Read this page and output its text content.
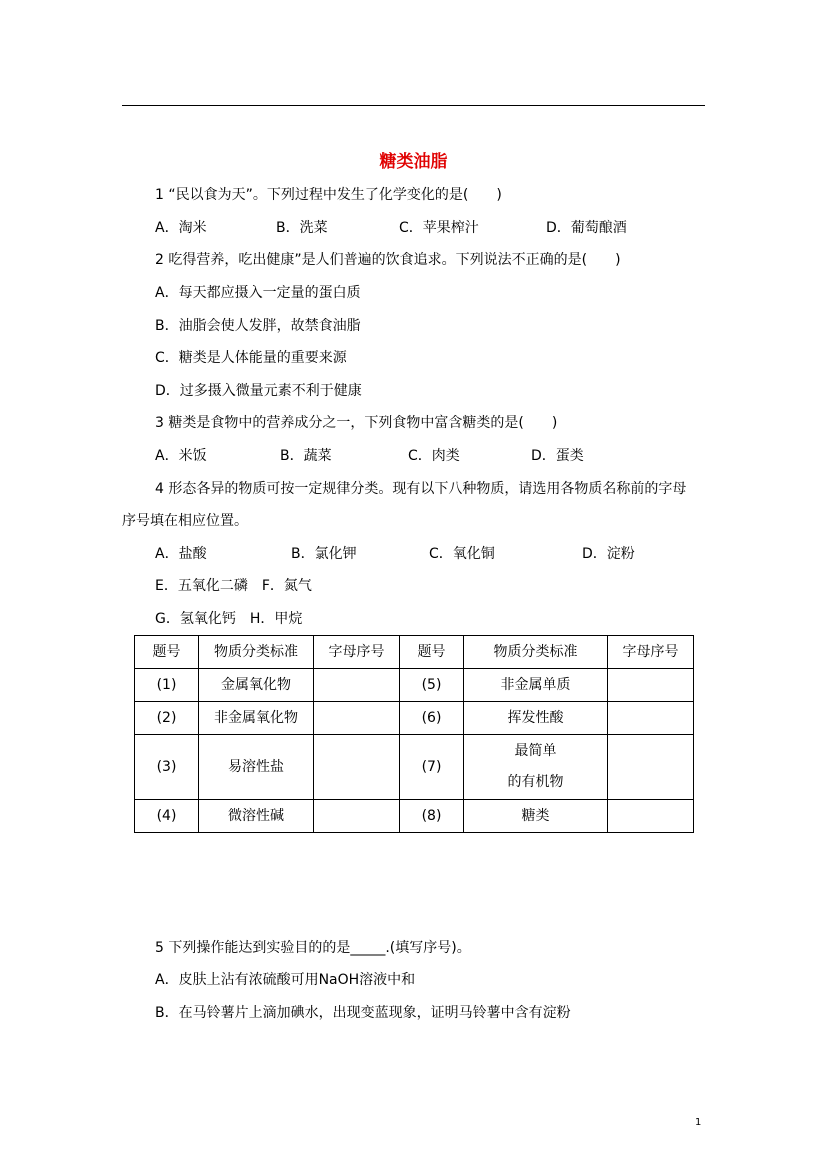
糖类油脂
1 “民以食为天”。下列过程中发生了化学变化的是(　　)
A．淘米	B．洗菜	C．苹果榨汁	D．葡萄酿酒
2 吃得营养，吃出健康”是人们普遍的饮食追求。下列说法不正确的是(　　)
A．每天都应摄入一定量的蛋白质
B．油脂会使人发胖，故禁食油脂
C．糖类是人体能量的重要来源
D．过多摄入微量元素不利于健康
3 糖类是食物中的营养成分之一，下列食物中富含糖类的是(　　)
A．米饭	B．蔬菜	C．肉类	D．蛋类
4 形态各异的物质可按一定规律分类。现有以下八种物质，请选用各物质名称前的字母
序号填在相应位置。
A．盐酸	B．氯化钾	C．氧化铜	D．淀粉
E．五氧化二磷　F．氮气
G．氢氧化钙　H．甲烷
题号	物质分类标准	字母序号	题号	物质分类标准	字母序号
(1)	金属氧化物		(5)	非金属单质	
(2)	非金属氧化物		(6)	挥发性酸	
(3)	易溶性盐		(7)	最简单
的有机物	

(4)	微溶性碱		(8)	糖类	
5 下列操作能达到实验目的的是_____.(填写序号)。
A．皮肤上沾有浓硫酸可用NaOH溶液中和
B．在马铃薯片上滴加碘水，出现变蓝现象，证明马铃薯中含有淀粉
1
